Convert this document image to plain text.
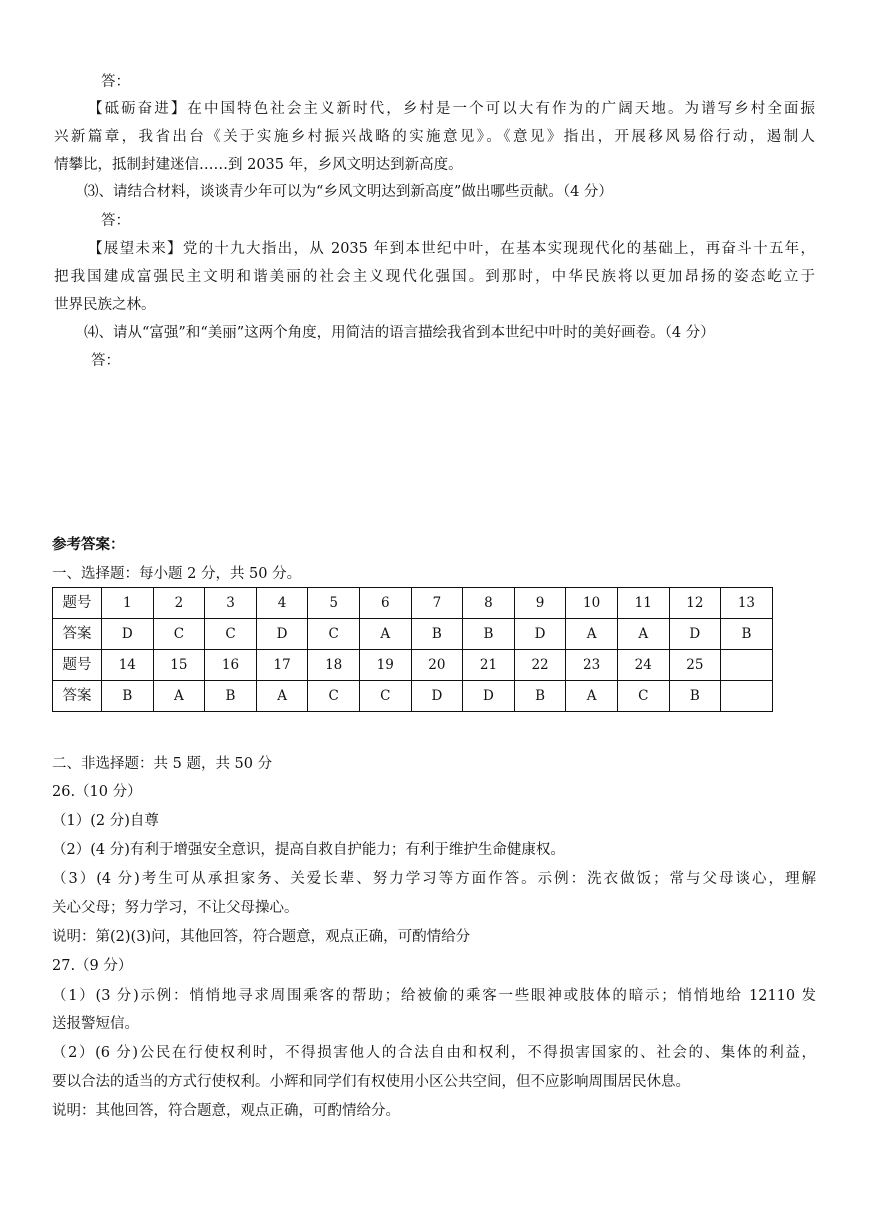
答：
【砥砺奋进】在中国特色社会主义新时代，乡村是一个可以大有作为的广阔天地。为谱写乡村全面振
兴新篇章，我省出台《关于实施乡村振兴战略的实施意见》。《意见》指出，开展移风易俗行动，遏制人
情攀比，抵制封建迷信……到 2035 年，乡风文明达到新高度。
⑶、请结合材料，谈谈青少年可以为“乡风文明达到新高度”做出哪些贡献。（4 分）
答：
【展望未来】党的十九大指出，从 2035 年到本世纪中叶，在基本实现现代化的基础上，再奋斗十五年，
把我国建成富强民主文明和谐美丽的社会主义现代化强国。到那时，中华民族将以更加昂扬的姿态屹立于
世界民族之林。
⑷、请从“富强”和“美丽”这两个角度，用简洁的语言描绘我省到本世纪中叶时的美好画卷。（4 分）
答：
参考答案：
一、选择题：每小题 2 分，共 50 分。
题号	1	2	3	4	5	6	7	8	9	10	11	12	13
答案	D	C	C	D	C	A	B	B	D	A	A	D	B
题号	14	15	16	17	18	19	20	21	22	23	24	25	
答案	B	A	B	A	C	C	D	D	B	A	C	B	
二、非选择题：共 5 题，共 50 分
26.（10 分）
（1）(2 分)自尊
（2）(4 分)有利于增强安全意识，提高自救自护能力；有利于维护生命健康权。
（3）(4 分)考生可从承担家务、关爱长辈、努力学习等方面作答。示例：洗衣做饭；常与父母谈心，理解
关心父母；努力学习，不让父母操心。
说明：第(2)(3)问，其他回答，符合题意，观点正确，可酌情给分
27.（9 分）
（1）(3 分)示例：悄悄地寻求周围乘客的帮助；给被偷的乘客一些眼神或肢体的暗示；悄悄地给 12110 发
送报警短信。
（2）(6 分)公民在行使权利时，不得损害他人的合法自由和权利，不得损害国家的、社会的、集体的利益，
要以合法的适当的方式行使权利。小辉和同学们有权使用小区公共空间，但不应影响周围居民休息。
说明：其他回答，符合题意，观点正确，可酌情给分。
